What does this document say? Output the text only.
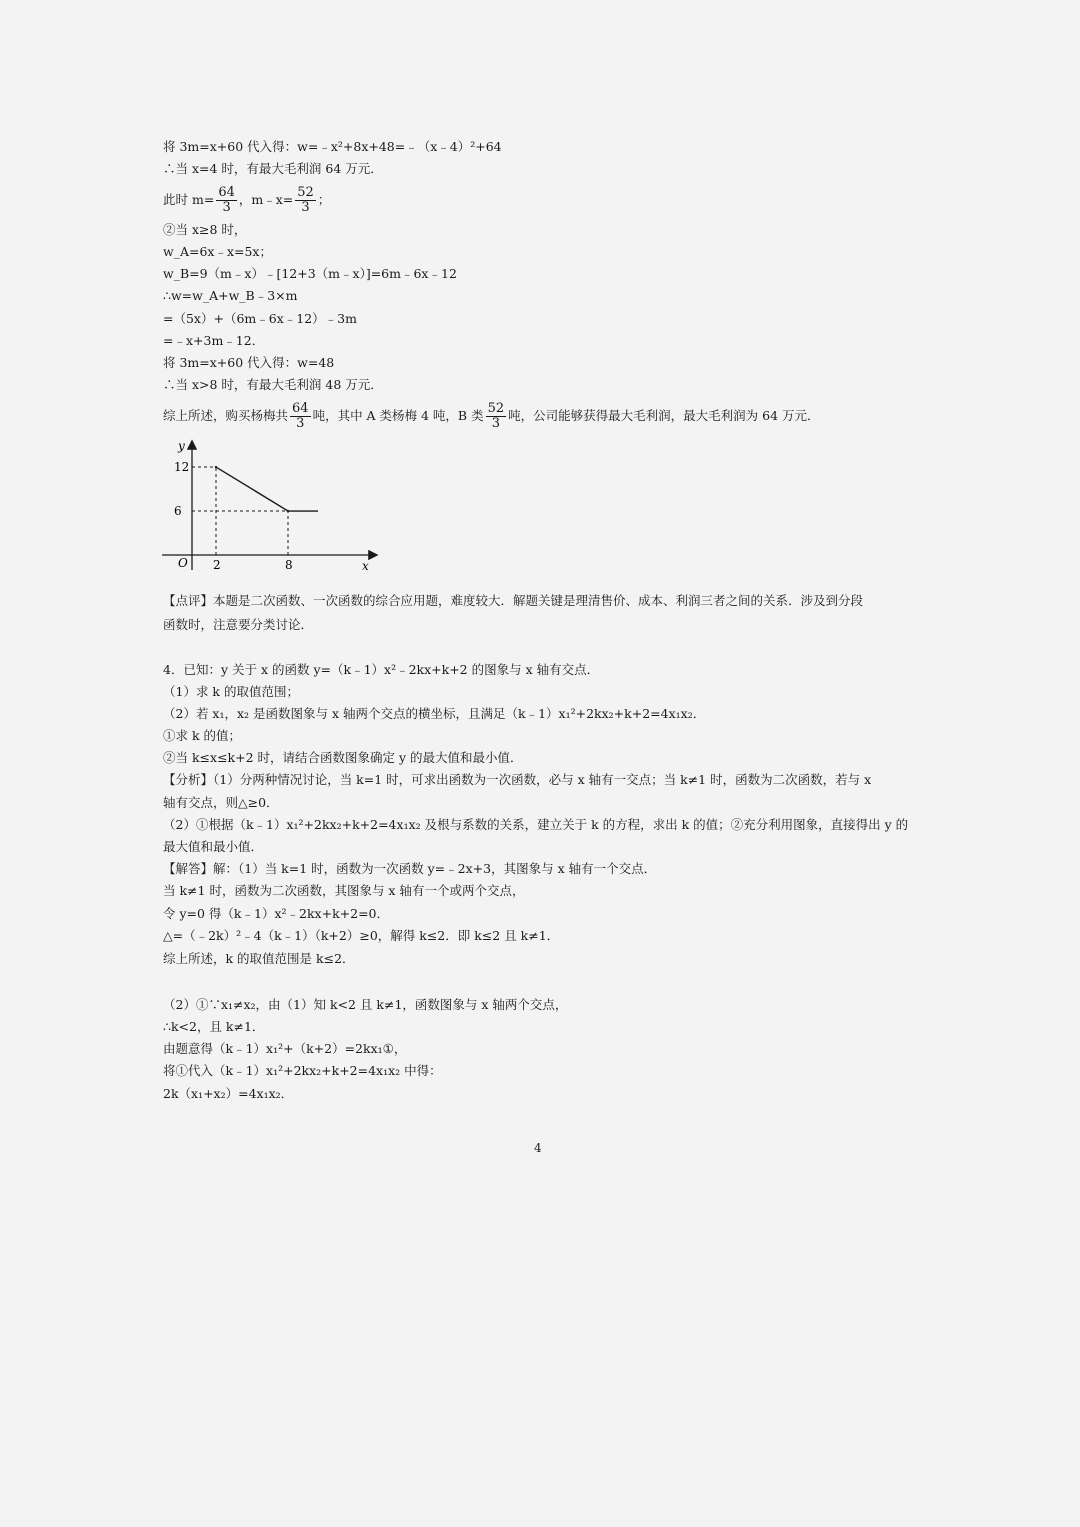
将 3m=x+60 代入得：w=﹣x²+8x+48=﹣（x﹣4）²+64
∴当 x=4 时，有最大毛利润 64 万元．
此时 $m= \frac{64}{3}$ ，m﹣x= $\frac{52}{3}$ ；
②当 x≥8 时，
w_A=6x﹣x=5x；
w_B=9（m﹣x）﹣[12+3（m﹣x）]=6m﹣6x﹣12
∴w=w_A+w_B﹣3×m
=（5x）+（6m﹣6x﹣12）﹣3m
=﹣x+3m﹣12．
将 3m=x+60 代入得：w=48
∴当 x>8 时，有最大毛利润 48 万元．
综上所述，购买杨梅共 $\frac{64}{3}$ 吨，其中 A 类杨梅 4 吨，B 类 $\frac{52}{3}$ 吨，公司能够获得最大毛利润，最大毛利润为 64 万元．
12
6
2	8
y
x
O
【点评】本题是二次函数、一次函数的综合应用题，难度较大．解题关键是理清售价、成本、利润三者之间的关系．涉及到分段
函数时，注意要分类讨论．
4．已知：y 关于 x 的函数 y=（k﹣1）x²﹣2kx+k+2 的图象与 x 轴有交点．
（1）求 k 的取值范围；
（2）若 x₁，x₂ 是函数图象与 x 轴两个交点的横坐标，且满足（k﹣1）x₁²+2kx₂+k+2=4x₁x₂．
①求 k 的值；
②当 k≤x≤k+2 时，请结合函数图象确定 y 的最大值和最小值．
【分析】（1）分两种情况讨论，当 k=1 时，可求出函数为一次函数，必与 x 轴有一交点；当 k≠1 时，函数为二次函数，若与 x
轴有交点，则△≥0．
（2）①根据（k﹣1）x₁²+2kx₂+k+2=4x₁x₂ 及根与系数的关系，建立关于 k 的方程，求出 k 的值；②充分利用图象，直接得出 y 的
最大值和最小值．
【解答】解：（1）当 k=1 时，函数为一次函数 y=﹣2x+3，其图象与 x 轴有一个交点．
当 k≠1 时，函数为二次函数，其图象与 x 轴有一个或两个交点，
令 y=0 得（k﹣1）x²﹣2kx+k+2=0．
△=（﹣2k）²﹣4（k﹣1）（k+2）≥0，解得 k≤2．即 k≤2 且 k≠1．
综上所述，k 的取值范围是 k≤2．
（2）①∵x₁≠x₂，由（1）知 k<2 且 k≠1，函数图象与 x 轴两个交点，
∴k<2，且 k≠1．
由题意得（k﹣1）x₁²+（k+2）=2kx₁①，
将①代入（k﹣1）x₁²+2kx₂+k+2=4x₁x₂ 中得：
2k（x₁+x₂）=4x₁x₂．
4
